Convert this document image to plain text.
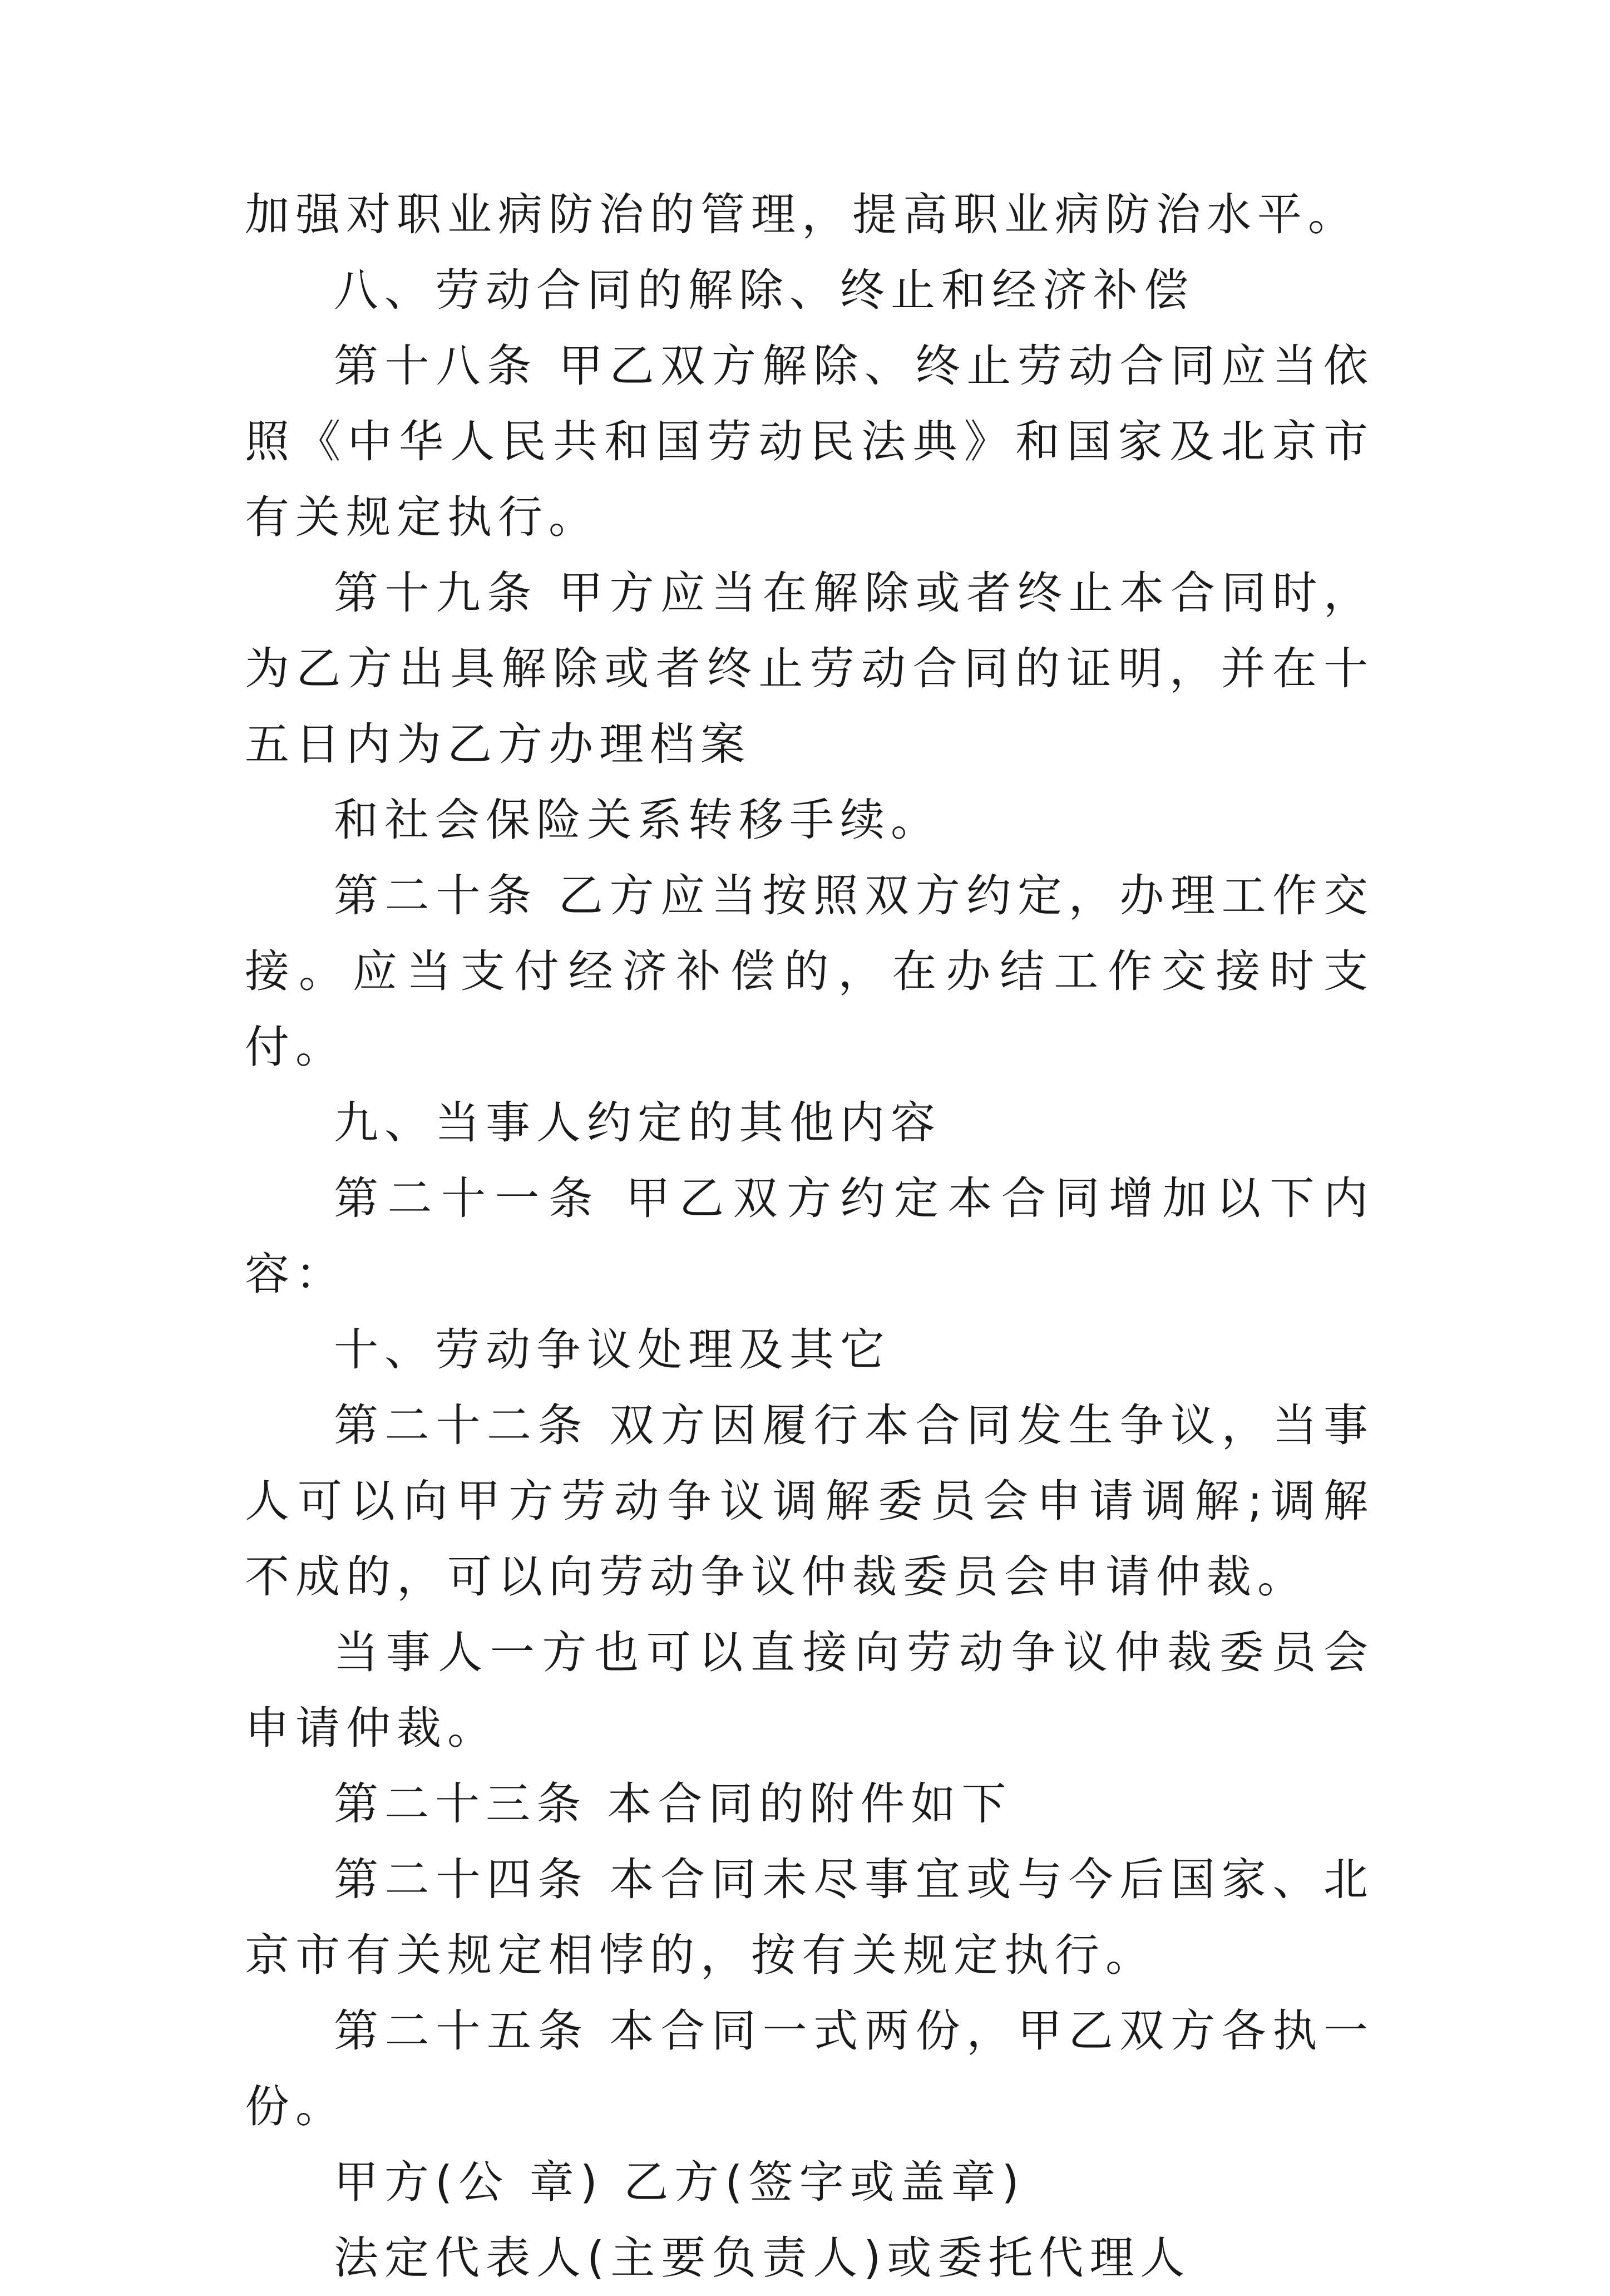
加强对职业病防治的管理，提高职业病防治水平。

八、劳动合同的解除、终止和经济补偿

第十八条 甲乙双方解除、终止劳动合同应当依照《中华人民共和国劳动民法典》和国家及北京市有关规定执行。

第十九条 甲方应当在解除或者终止本合同时，为乙方出具解除或者终止劳动合同的证明，并在十五日内为乙方办理档案

和社会保险关系转移手续。

第二十条 乙方应当按照双方约定，办理工作交接。应当支付经济补偿的，在办结工作交接时支付。

九、当事人约定的其他内容

第二十一条 甲乙双方约定本合同增加以下内容：

十、劳动争议处理及其它

第二十二条 双方因履行本合同发生争议，当事人可以向甲方劳动争议调解委员会申请调解;调解不成的，可以向劳动争议仲裁委员会申请仲裁。

当事人一方也可以直接向劳动争议仲裁委员会申请仲裁。

第二十三条 本合同的附件如下

第二十四条 本合同未尽事宜或与今后国家、北京市有关规定相悖的，按有关规定执行。

第二十五条 本合同一式两份，甲乙双方各执一份。

甲方(公 章) 乙方(签字或盖章)

法定代表人(主要负责人)或委托代理人
